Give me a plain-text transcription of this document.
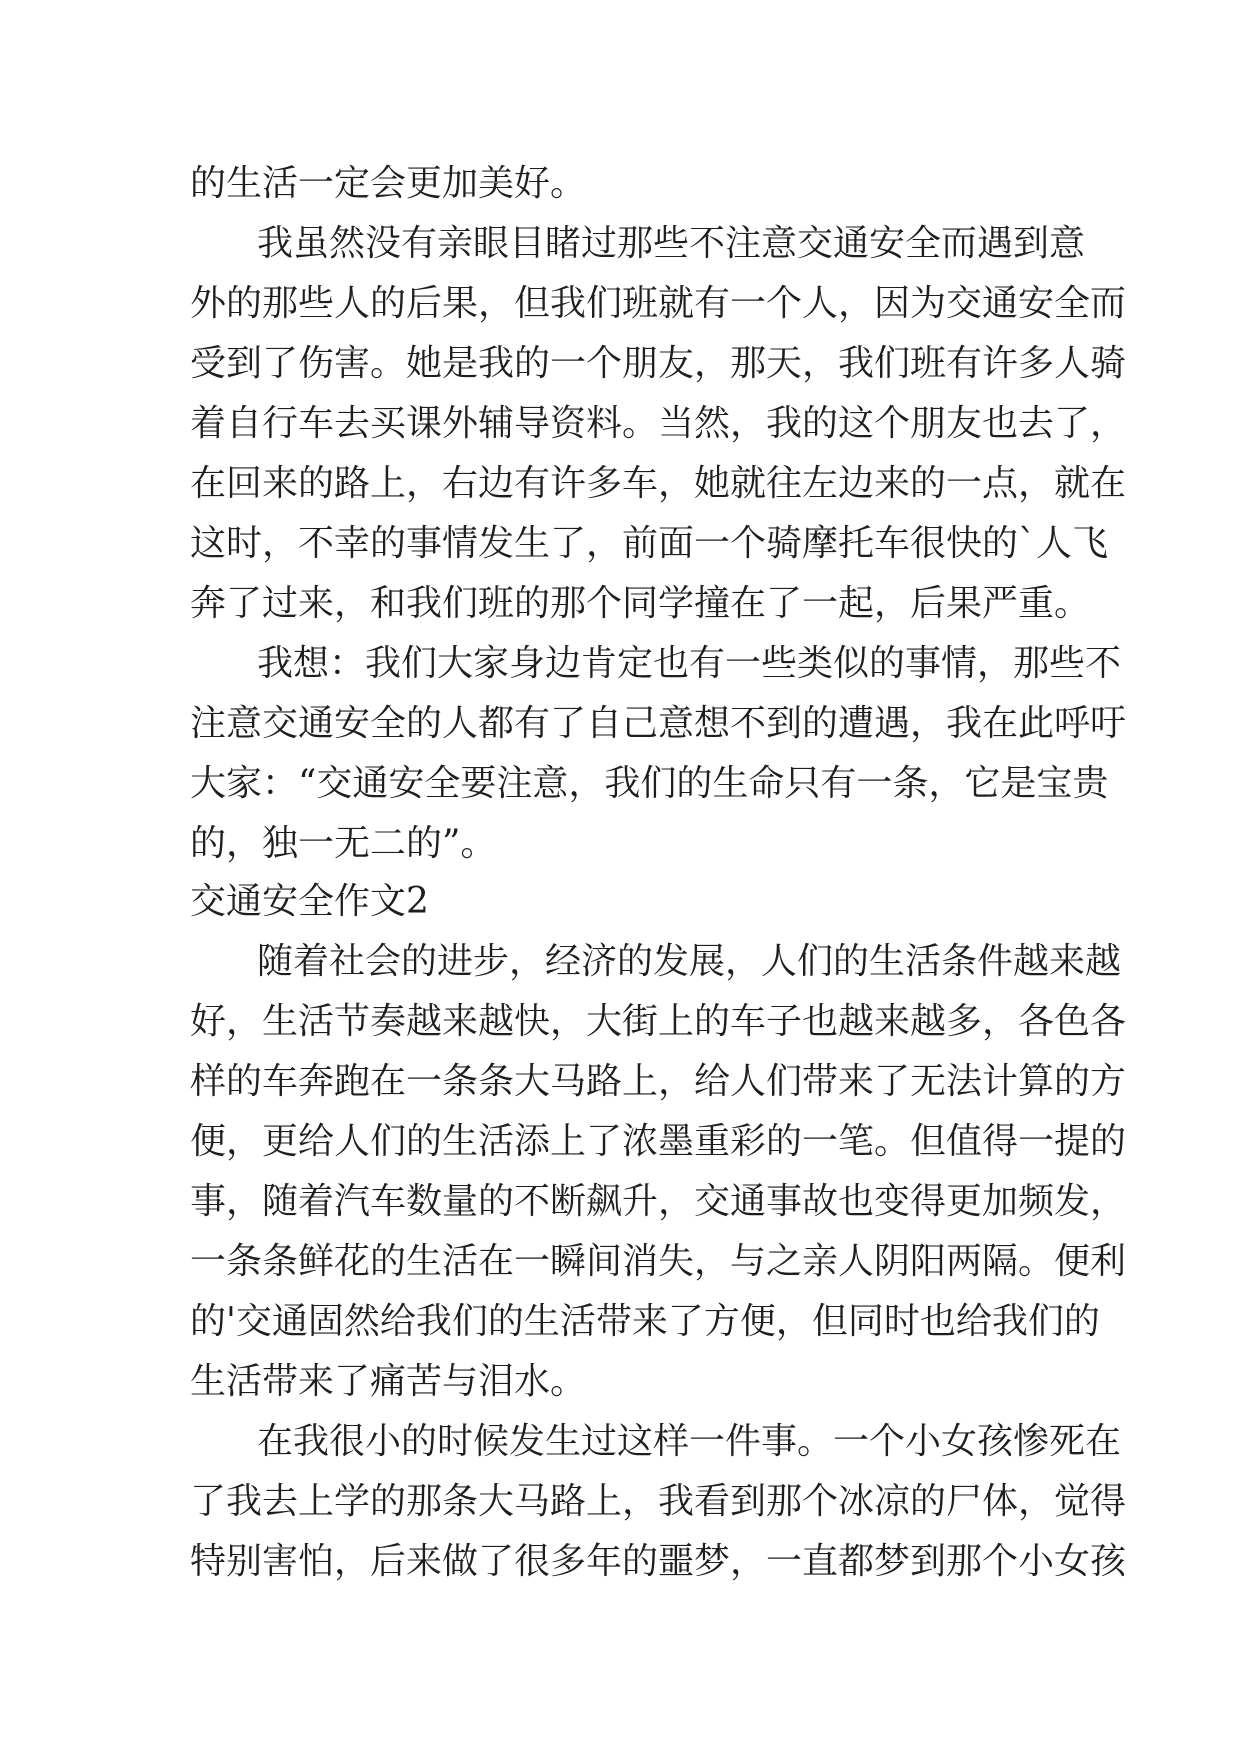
的生活一定会更加美好。
我虽然没有亲眼目睹过那些不注意交通安全而遇到意
外的那些人的后果，但我们班就有一个人，因为交通安全而
受到了伤害。她是我的一个朋友，那天，我们班有许多人骑
着自行车去买课外辅导资料。当然，我的这个朋友也去了，
在回来的路上，右边有许多车，她就往左边来的一点，就在
这时，不幸的事情发生了，前面一个骑摩托车很快的`人飞
奔了过来，和我们班的那个同学撞在了一起，后果严重。
我想：我们大家身边肯定也有一些类似的事情，那些不
注意交通安全的人都有了自己意想不到的遭遇，我在此呼吁
大家：“交通安全要注意，我们的生命只有一条，它是宝贵
的，独一无二的”。
交通安全作文2
随着社会的进步，经济的发展，人们的生活条件越来越
好，生活节奏越来越快，大街上的车子也越来越多，各色各
样的车奔跑在一条条大马路上，给人们带来了无法计算的方
便，更给人们的生活添上了浓墨重彩的一笔。但值得一提的
事，随着汽车数量的不断飙升，交通事故也变得更加频发，
一条条鲜花的生活在一瞬间消失，与之亲人阴阳两隔。便利
的'交通固然给我们的生活带来了方便，但同时也给我们的
生活带来了痛苦与泪水。
在我很小的时候发生过这样一件事。一个小女孩惨死在
了我去上学的那条大马路上，我看到那个冰凉的尸体，觉得
特别害怕，后来做了很多年的噩梦，一直都梦到那个小女孩
